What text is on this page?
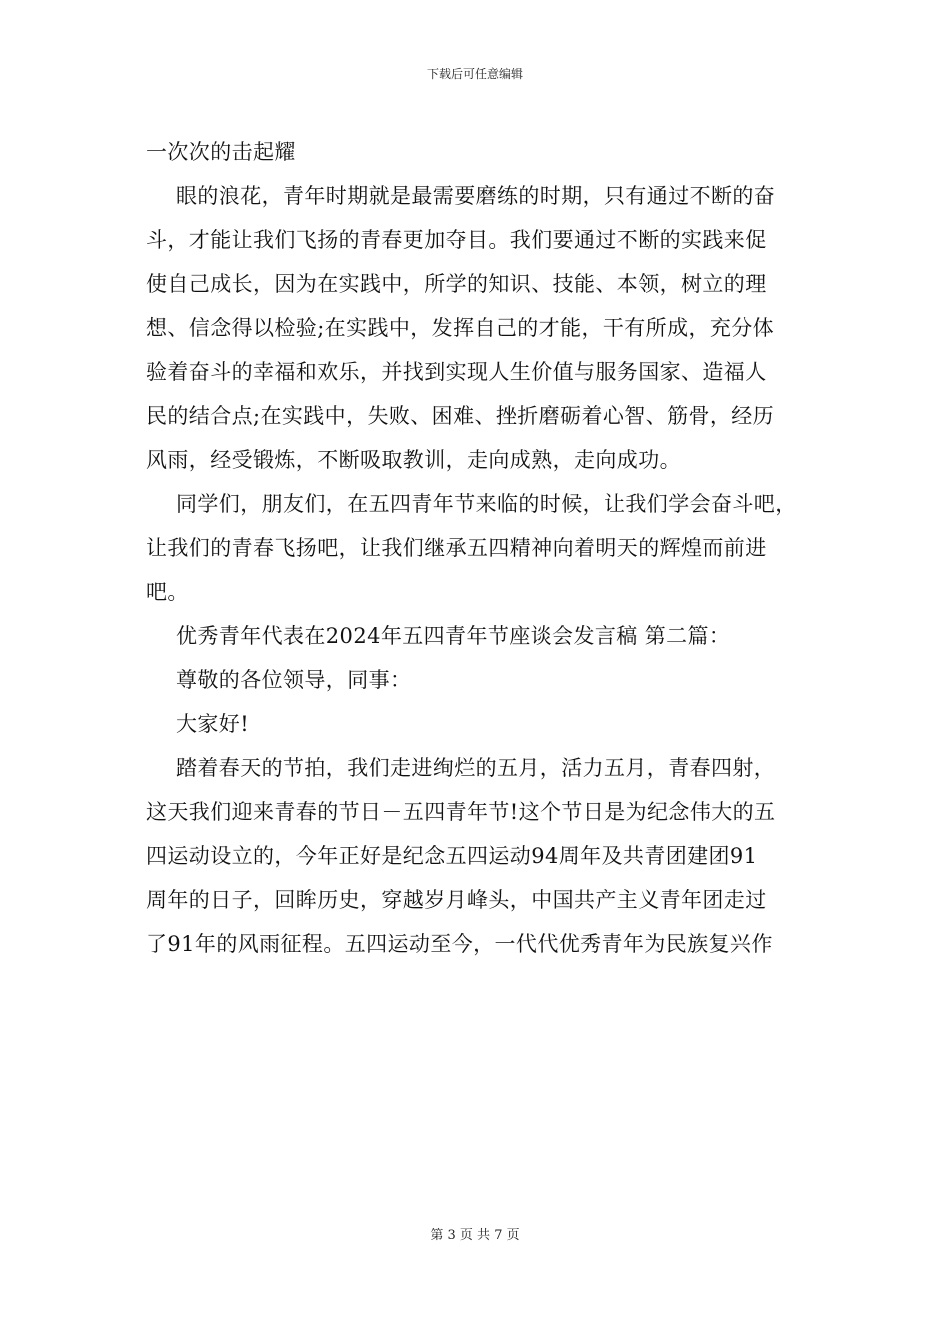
下载后可任意编辑
一次次的击起耀
眼的浪花，青年时期就是最需要磨练的时期，只有通过不断的奋
斗，才能让我们飞扬的青春更加夺目。我们要通过不断的实践来促
使自己成长，因为在实践中，所学的知识、技能、本领，树立的理
想、信念得以检验;在实践中，发挥自己的才能，干有所成，充分体
验着奋斗的幸福和欢乐，并找到实现人生价值与服务国家、造福人
民的结合点;在实践中，失败、困难、挫折磨砺着心智、筋骨，经历
风雨，经受锻炼，不断吸取教训，走向成熟，走向成功。
同学们，朋友们，在五四青年节来临的时候，让我们学会奋斗吧，
让我们的青春飞扬吧，让我们继承五四精神向着明天的辉煌而前进
吧。
优秀青年代表在2024年五四青年节座谈会发言稿 第二篇：
尊敬的各位领导，同事：
大家好!
踏着春天的节拍，我们走进绚烂的五月，活力五月，青春四射，
这天我们迎来青春的节日－五四青年节!这个节日是为纪念伟大的五
四运动设立的，今年正好是纪念五四运动94周年及共青团建团91
周年的日子，回眸历史，穿越岁月峰头，中国共产主义青年团走过
了91年的风雨征程。五四运动至今，一代代优秀青年为民族复兴作
第 3 页 共 7 页
